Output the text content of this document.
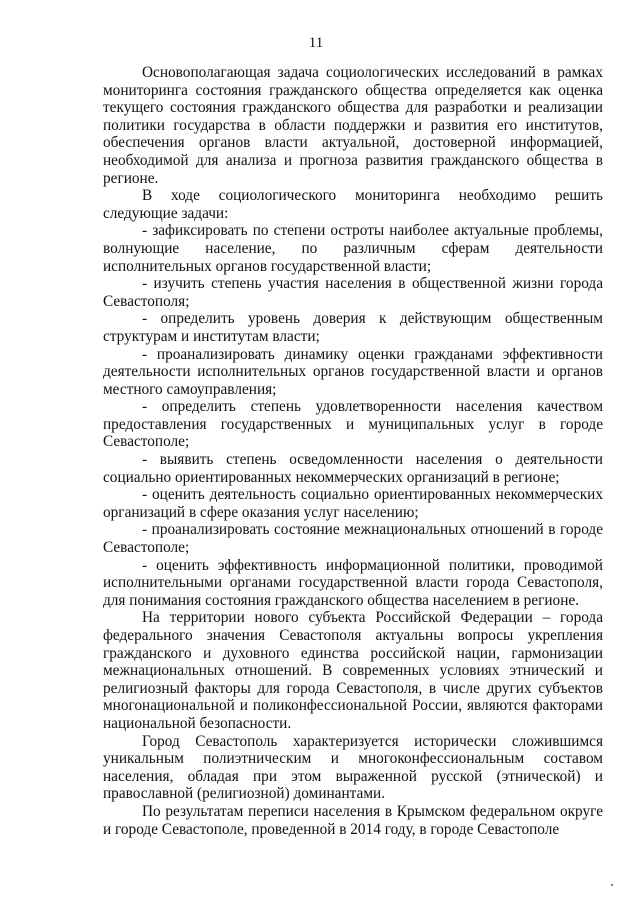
11

Основополагающая задача социологических исследований в рамках мониторинга состояния гражданского общества определяется как оценка текущего состояния гражданского общества для разработки и реализации политики государства в области поддержки и развития его институтов, обеспечения органов власти актуальной, достоверной информацией, необходимой для анализа и прогноза развития гражданского общества в регионе.

В ходе социологического мониторинга необходимо решить следующие задачи:

- зафиксировать по степени остроты наиболее актуальные проблемы, волнующие население, по различным сферам деятельности исполнительных органов государственной власти;

- изучить степень участия населения в общественной жизни города Севастополя;

- определить уровень доверия к действующим общественным структурам и институтам власти;

- проанализировать динамику оценки гражданами эффективности деятельности исполнительных органов государственной власти и органов местного самоуправления;

- определить степень удовлетворенности населения качеством предоставления государственных и муниципальных услуг в городе Севастополе;

- выявить степень осведомленности населения о деятельности социально ориентированных некоммерческих организаций в регионе;

- оценить деятельность социально ориентированных некоммерческих организаций в сфере оказания услуг населению;

- проанализировать состояние межнациональных отношений в городе Севастополе;

- оценить эффективность информационной политики, проводимой исполнительными органами государственной власти города Севастополя, для понимания состояния гражданского общества населением в регионе.

На территории нового субъекта Российской Федерации – города федерального значения Севастополя актуальны вопросы укрепления гражданского и духовного единства российской нации, гармонизации межнациональных отношений. В современных условиях этнический и религиозный факторы для города Севастополя, в числе других субъектов многонациональной и поликонфессиональной России, являются факторами национальной безопасности.

Город Севастополь характеризуется исторически сложившимся уникальным полиэтническим и многоконфессиональным составом населения, обладая при этом выраженной русской (этнической) и православной (религиозной) доминантами.

По результатам переписи населения в Крымском федеральном округе и городе Севастополе, проведенной в 2014 году, в городе Севастополе
